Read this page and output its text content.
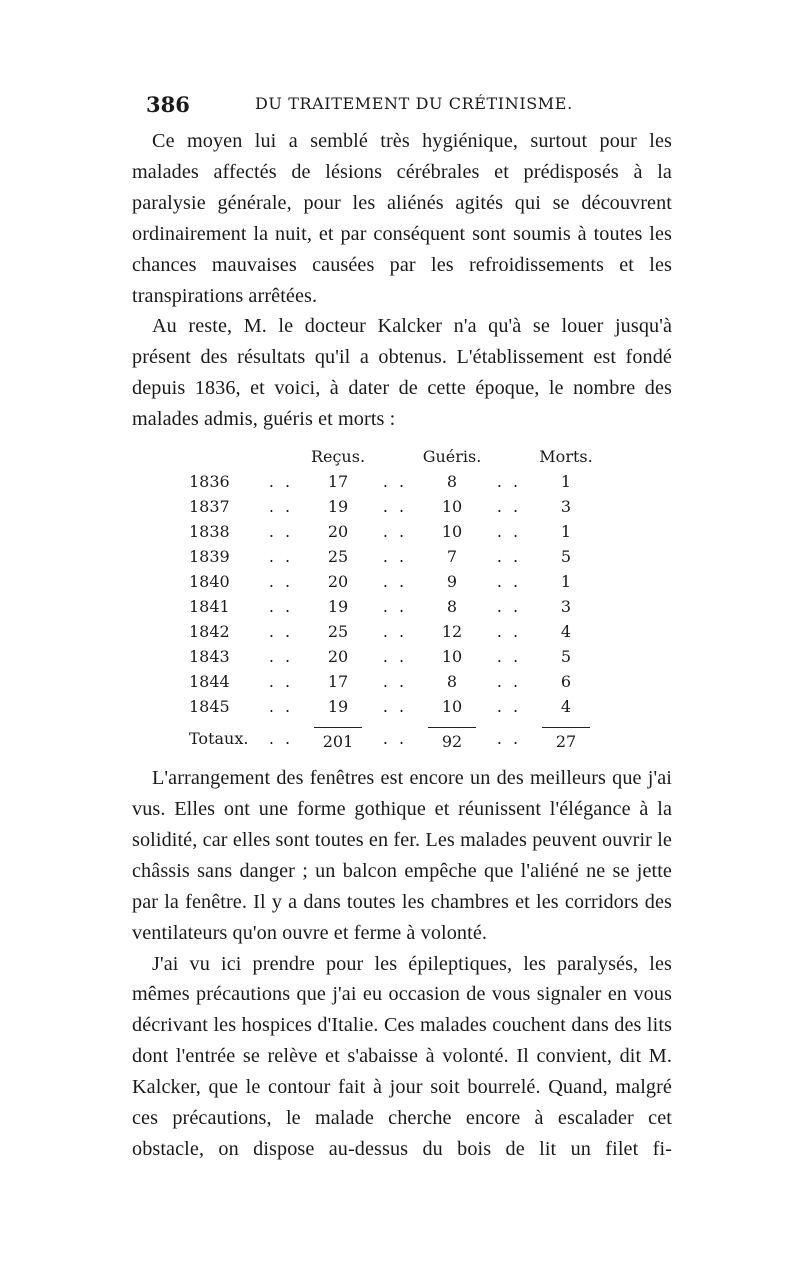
386	DU TRAITEMENT DU CRÉTINISME.

Ce moyen lui a semblé très hygiénique, surtout pour les malades affectés de lésions cérébrales et prédisposés à la paralysie générale, pour les aliénés agités qui se découvrent ordinairement la nuit, et par conséquent sont soumis à toutes les chances mauvaises causées par les refroidissements et les transpirations arrêtées.

Au reste, M. le docteur Kalcker n'a qu'à se louer jusqu'à présent des résultats qu'il a obtenus. L'établissement est fondé depuis 1836, et voici, à dater de cette époque, le nombre des malades admis, guéris et morts :

		Reçus.		Guéris.		Morts.
1836	. .	17	. .	8	. .	1
1837	. .	19	. .	10	. .	3
1838	. .	20	. .	10	. .	1
1839	. .	25	. .	7	. .	5
1840	. .	20	. .	9	. .	1
1841	. .	19	. .	8	. .	3
1842	. .	25	. .	12	. .	4
1843	. .	20	. .	10	. .	5
1844	. .	17	. .	8	. .	6
1845	. .	19	. .	10	. .	4
Totaux.	. .	201	. .	92	. .	27

L'arrangement des fenêtres est encore un des meilleurs que j'ai vus. Elles ont une forme gothique et réunissent l'élégance à la solidité, car elles sont toutes en fer. Les malades peuvent ouvrir le châssis sans danger ; un balcon empêche que l'aliéné ne se jette par la fenêtre. Il y a dans toutes les chambres et les corridors des ventilateurs qu'on ouvre et ferme à volonté.

J'ai vu ici prendre pour les épileptiques, les paralysés, les mêmes précautions que j'ai eu occasion de vous signaler en vous décrivant les hospices d'Italie. Ces malades couchent dans des lits dont l'entrée se relève et s'abaisse à volonté. Il convient, dit M. Kalcker, que le contour fait à jour soit bourrelé. Quand, malgré ces précautions, le malade cherche encore à escalader cet obstacle, on dispose au-dessus du bois de lit un filet fi-
